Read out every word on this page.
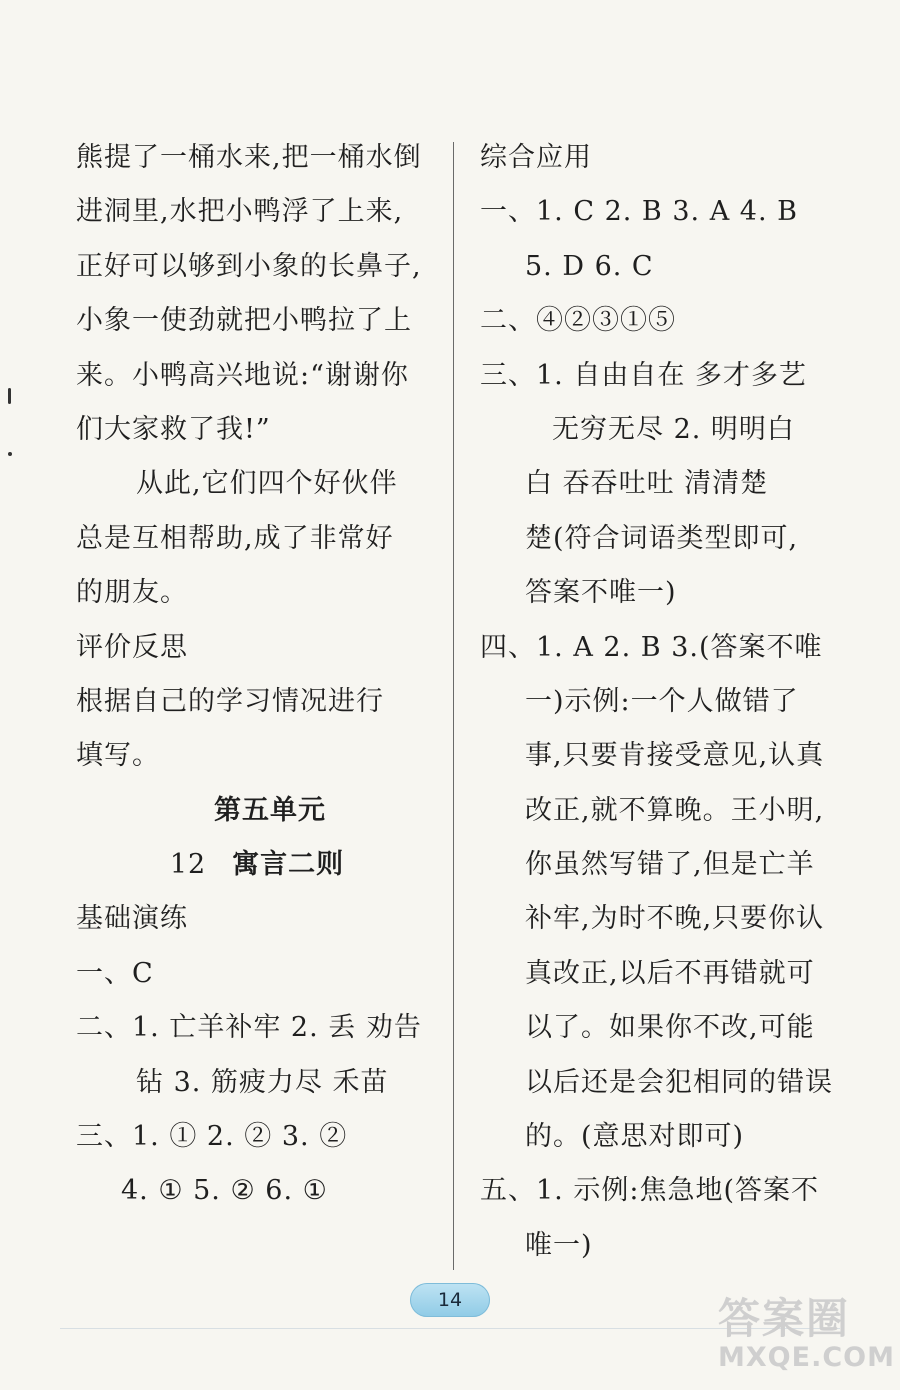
熊提了一桶水来,把一桶水倒
进洞里,水把小鸭浮了上来,
正好可以够到小象的长鼻子,
小象一使劲就把小鸭拉了上
来。小鸭高兴地说:“谢谢你
们大家救了我!”
从此,它们四个好伙伴
总是互相帮助,成了非常好
的朋友。
评价反思
根据自己的学习情况进行
填写。
第五单元
12 寓言二则
基础演练
一、C
二、1. 亡羊补牢 2. 丢 劝告
钻 3. 筋疲力尽 禾苗
三、1. ① 2. ② 3. ②
4. ① 5. ② 6. ①
综合应用
一、1. C 2. B 3. A 4. B
5. D 6. C
二、④②③①⑤
三、1. 自由自在 多才多艺
无穷无尽 2. 明明白
白 吞吞吐吐 清清楚
楚(符合词语类型即可,
答案不唯一)
四、1. A 2. B 3.(答案不唯
一)示例:一个人做错了
事,只要肯接受意见,认真
改正,就不算晚。王小明,
你虽然写错了,但是亡羊
补牢,为时不晚,只要你认
真改正,以后不再错就可
以了。如果你不改,可能
以后还是会犯相同的错误
的。(意思对即可)
五、1. 示例:焦急地(答案不
唯一)
14	答案圈
MXQE.COM
